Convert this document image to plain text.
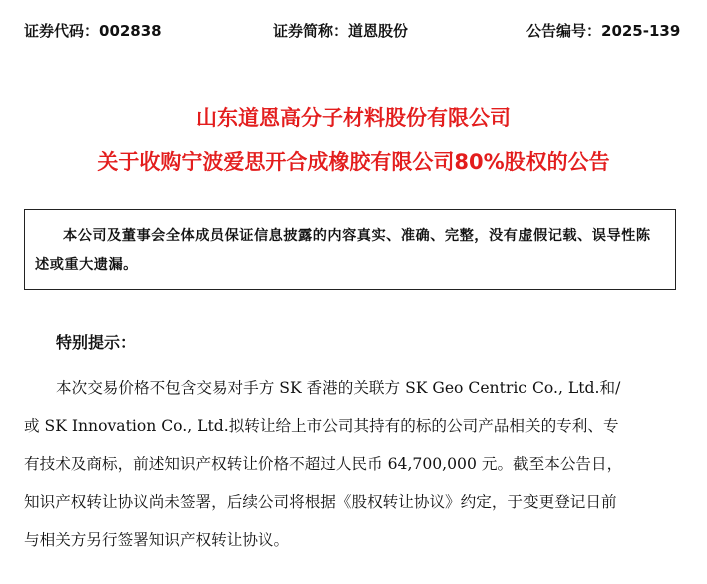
证券代码：002838	证券简称：道恩股份	公告编号：2025-139
山东道恩高分子材料股份有限公司
关于收购宁波爱思开合成橡胶有限公司80%股权的公告
本公司及董事会全体成员保证信息披露的内容真实、准确、完整，没有虚假记载、误导性陈述或重大遗漏。
特别提示：
本次交易价格不包含交易对手方 SK 香港的关联方 SK Geo Centric Co., Ltd.和/
或 SK Innovation Co., Ltd.拟转让给上市公司其持有的标的公司产品相关的专利、专
有技术及商标，前述知识产权转让价格不超过人民币 64,700,000 元。截至本公告日，
知识产权转让协议尚未签署，后续公司将根据《股权转让协议》约定，于变更登记日前
与相关方另行签署知识产权转让协议。
